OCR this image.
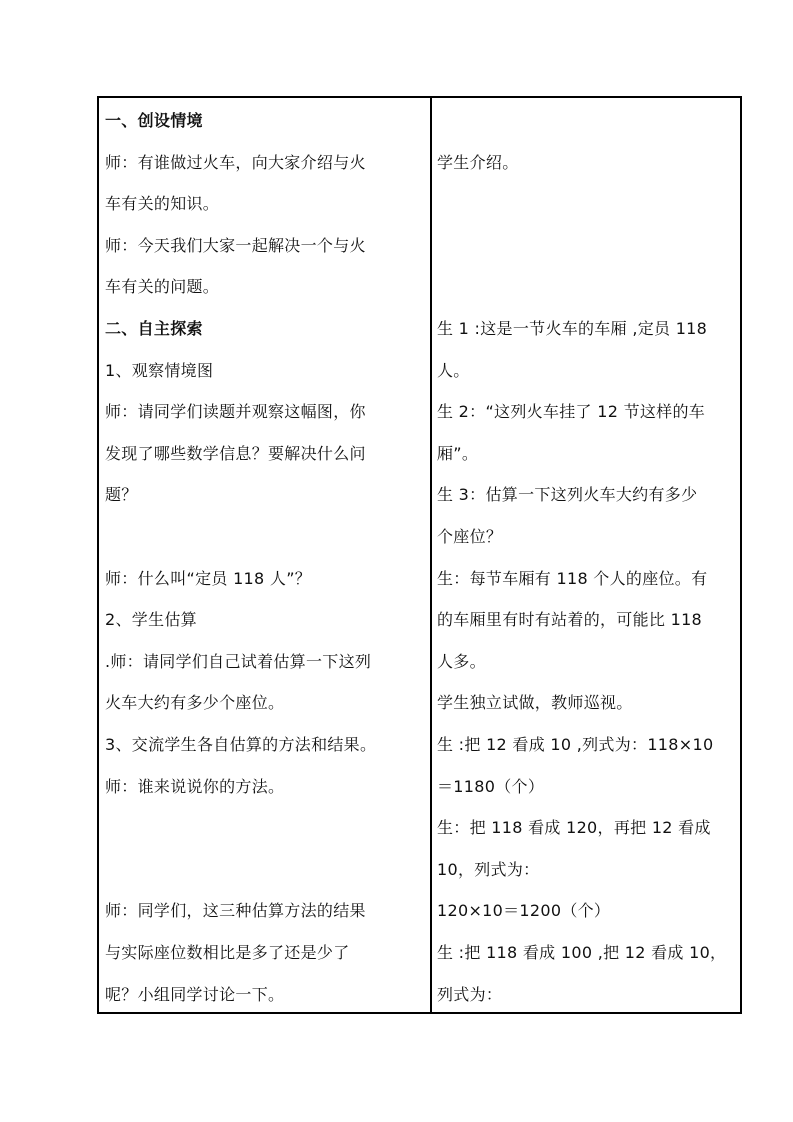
一、创设情境
师：有谁做过火车，向大家介绍与火
车有关的知识。
师：今天我们大家一起解决一个与火
车有关的问题。
二、自主探索
1、观察情境图
师：请同学们读题并观察这幅图，你
发现了哪些数学信息？要解决什么问
题？
师：什么叫“定员 118 人”？
2、学生估算
.师：请同学们自己试着估算一下这列
火车大约有多少个座位。
3、交流学生各自估算的方法和结果。
师：谁来说说你的方法。
师：同学们，这三种估算方法的结果
与实际座位数相比是多了还是少了
呢？小组同学讨论一下。
学生介绍。
生 1 :这是一节火车的车厢 ,定员 118
人。
生 2：“这列火车挂了 12 节这样的车
厢”。
生 3：估算一下这列火车大约有多少
个座位？
生：每节车厢有 118 个人的座位。有
的车厢里有时有站着的，可能比 118
人多。
学生独立试做，教师巡视。
生 :把 12 看成 10 ,列式为：118×10
＝1180（个）
生：把 118 看成 120，再把 12 看成
10，列式为：
120×10＝1200（个）
生 :把 118 看成 100 ,把 12 看成 10，
列式为：
